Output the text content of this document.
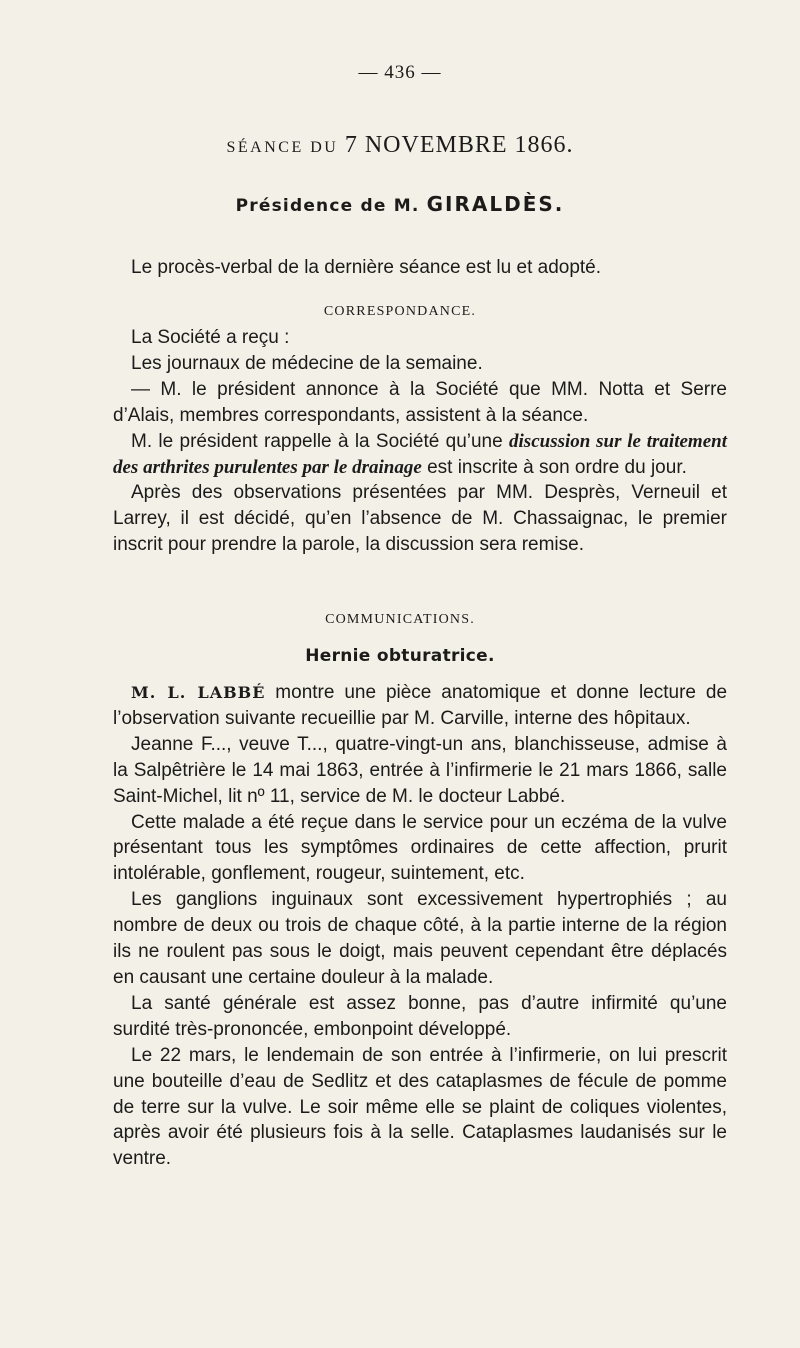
— 436 —
SÉANCE DU 7 NOVEMBRE 1866.
Présidence de M. GIRALDÈS.

Le procès-verbal de la dernière séance est lu et adopté.

CORRESPONDANCE.

La Société a reçu :

Les journaux de médecine de la semaine.

— M. le président annonce à la Société que MM. Notta et Serre d’Alais, membres correspondants, assistent à la séance.

M. le président rappelle à la Société qu’une discussion sur le traitement des arthrites purulentes par le drainage est inscrite à son ordre du jour.

Après des observations présentées par MM. Desprès, Verneuil et Larrey, il est décidé, qu’en l’absence de M. Chassaignac, le premier inscrit pour prendre la parole, la discussion sera remise.

COMMUNICATIONS.
Hernie obturatrice.

M. L. LABBÉ montre une pièce anatomique et donne lecture de l’observation suivante recueillie par M. Carville, interne des hôpitaux.

Jeanne F..., veuve T..., quatre-vingt-un ans, blanchisseuse, admise à la Salpêtrière le 14 mai 1863, entrée à l’infirmerie le 21 mars 1866, salle Saint-Michel, lit nº 11, service de M. le docteur Labbé.

Cette malade a été reçue dans le service pour un eczéma de la vulve présentant tous les symptômes ordinaires de cette affection, prurit intolérable, gonflement, rougeur, suintement, etc.

Les ganglions inguinaux sont excessivement hypertrophiés ; au nombre de deux ou trois de chaque côté, à la partie interne de la région ils ne roulent pas sous le doigt, mais peuvent cependant être déplacés en causant une certaine douleur à la malade.

La santé générale est assez bonne, pas d’autre infirmité qu’une surdité très-prononcée, embonpoint développé.

Le 22 mars, le lendemain de son entrée à l’infirmerie, on lui prescrit une bouteille d’eau de Sedlitz et des cataplasmes de fécule de pomme de terre sur la vulve. Le soir même elle se plaint de coliques violentes, après avoir été plusieurs fois à la selle. Cataplasmes laudanisés sur le ventre.
